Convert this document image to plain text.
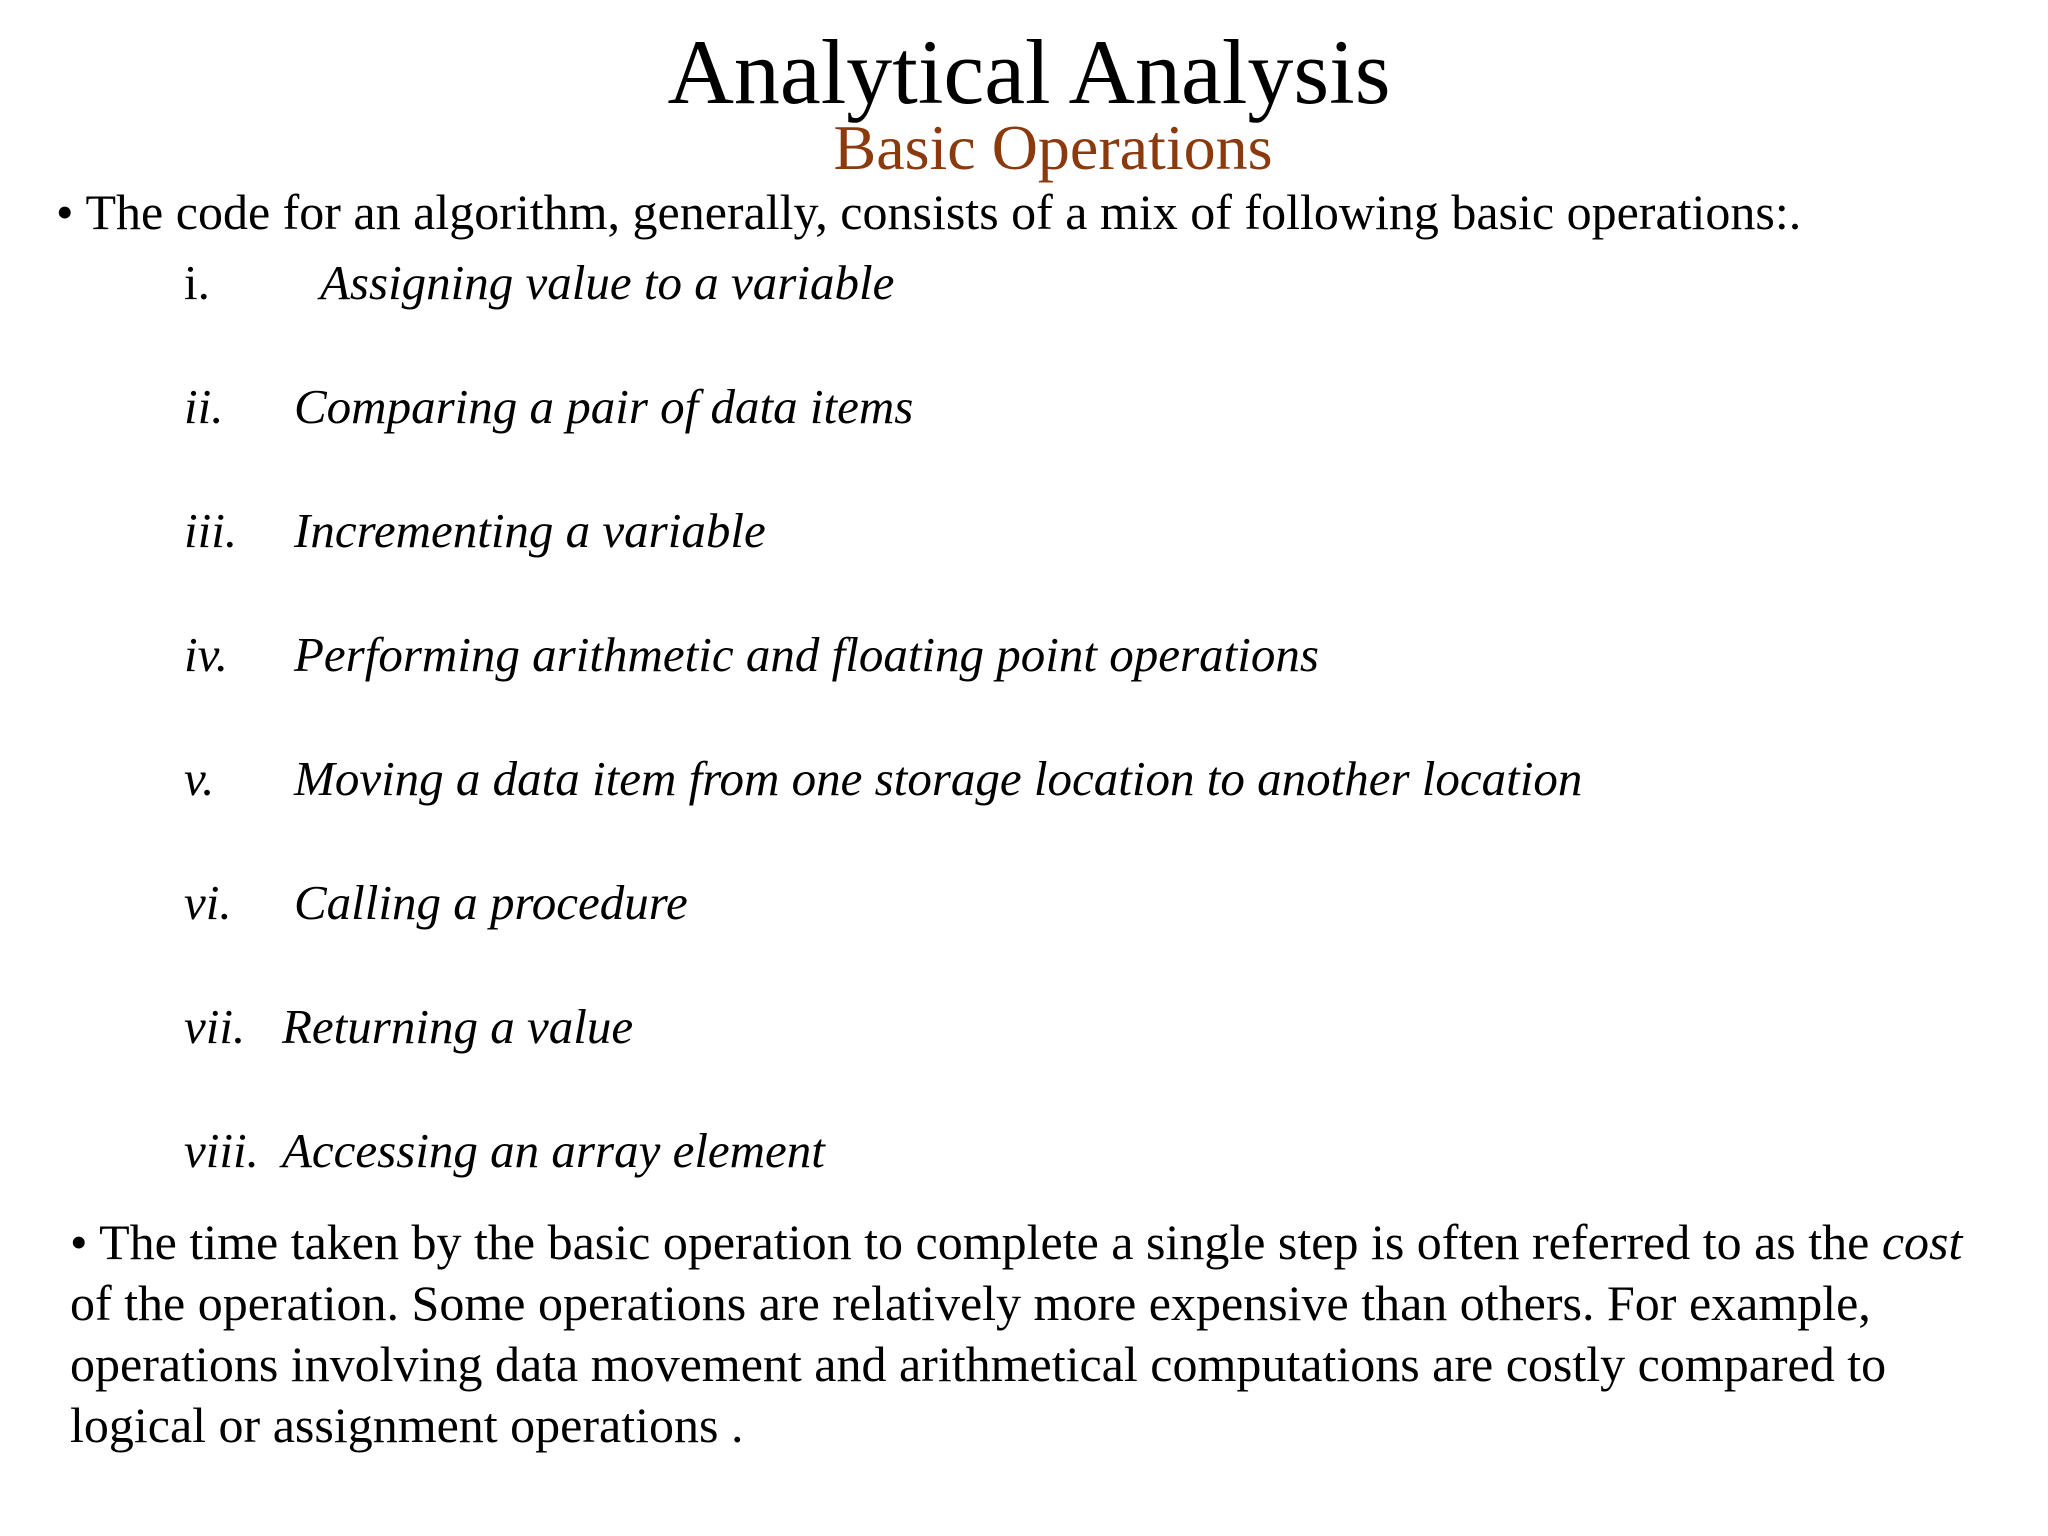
Analytical Analysis
Basic Operations
• The code for an algorithm, generally, consists of a mix of following basic operations:.
i. Assigning value to a variable
ii. Comparing a pair of data items
iii. Incrementing a variable
iv. Performing arithmetic and floating point operations
v. Moving a data item from one storage location to another location
vi. Calling a procedure
vii. Returning a value
viii. Accessing an array element
• The time taken by the basic operation to complete a single step is often referred to as the cost
of the operation. Some operations are relatively more expensive than others. For example,
operations involving data movement and arithmetical computations are costly compared to
logical or assignment operations .
